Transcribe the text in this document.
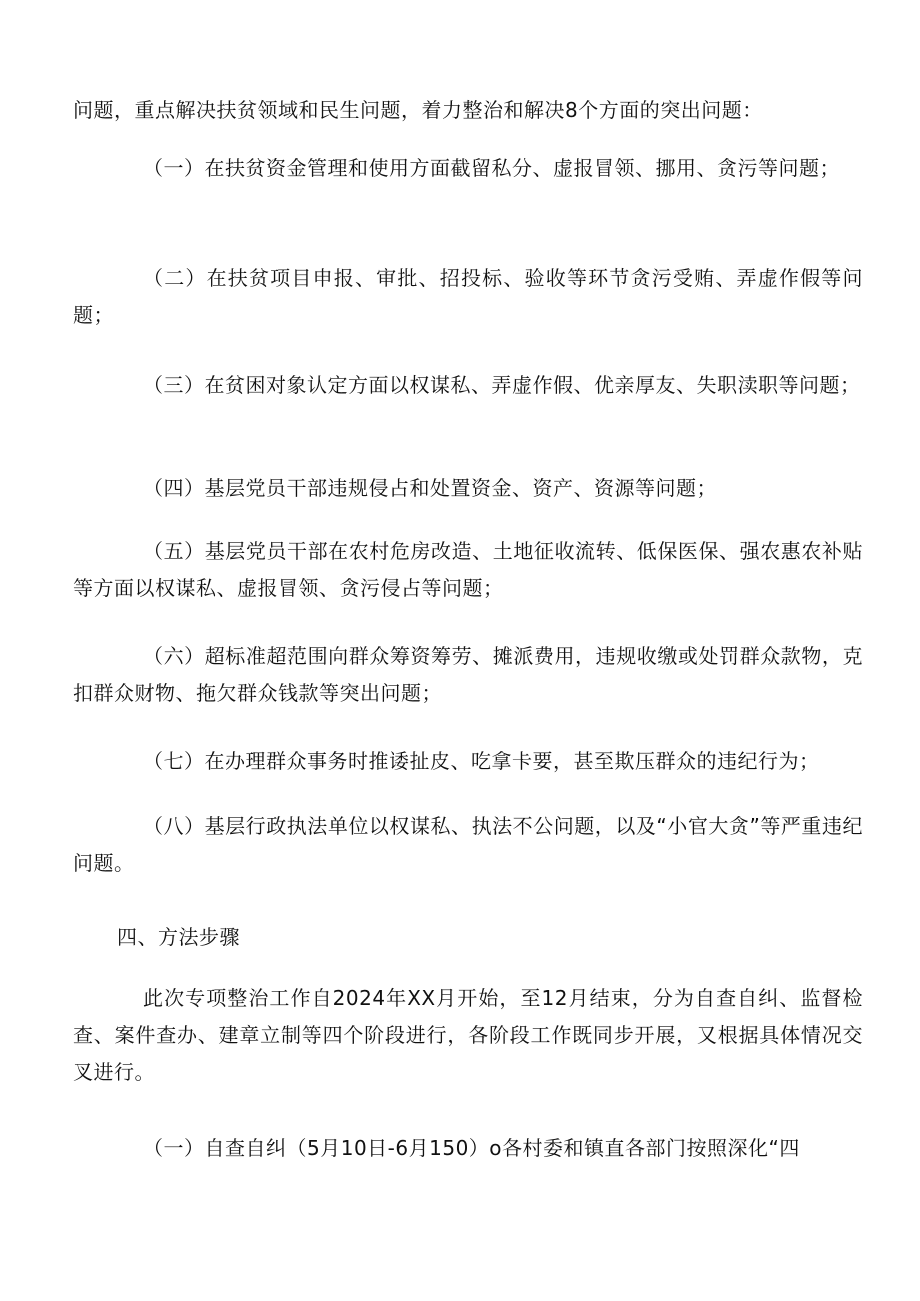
问题，重点解决扶贫领域和民生问题，着力整治和解决8个方面的突出问题：

（一）在扶贫资金管理和使用方面截留私分、虚报冒领、挪用、贪污等问题；

（二）在扶贫项目申报、审批、招投标、验收等环节贪污受贿、弄虚作假等问题；

（三）在贫困对象认定方面以权谋私、弄虚作假、优亲厚友、失职渎职等问题；

（四）基层党员干部违规侵占和处置资金、资产、资源等问题；

（五）基层党员干部在农村危房改造、土地征收流转、低保医保、强农惠农补贴等方面以权谋私、虚报冒领、贪污侵占等问题；

（六）超标准超范围向群众筹资筹劳、摊派费用，违规收缴或处罚群众款物，克扣群众财物、拖欠群众钱款等突出问题；

（七）在办理群众事务时推诿扯皮、吃拿卡要，甚至欺压群众的违纪行为；

（八）基层行政执法单位以权谋私、执法不公问题，以及“小官大贪”等严重违纪问题。

四、方法步骤

此次专项整治工作自2024年XX月开始，至12月结束，分为自查自纠、监督检查、案件查办、建章立制等四个阶段进行，各阶段工作既同步开展，又根据具体情况交叉进行。

（一）自查自纠（5月10日-6月150）o各村委和镇直各部门按照深化“四
